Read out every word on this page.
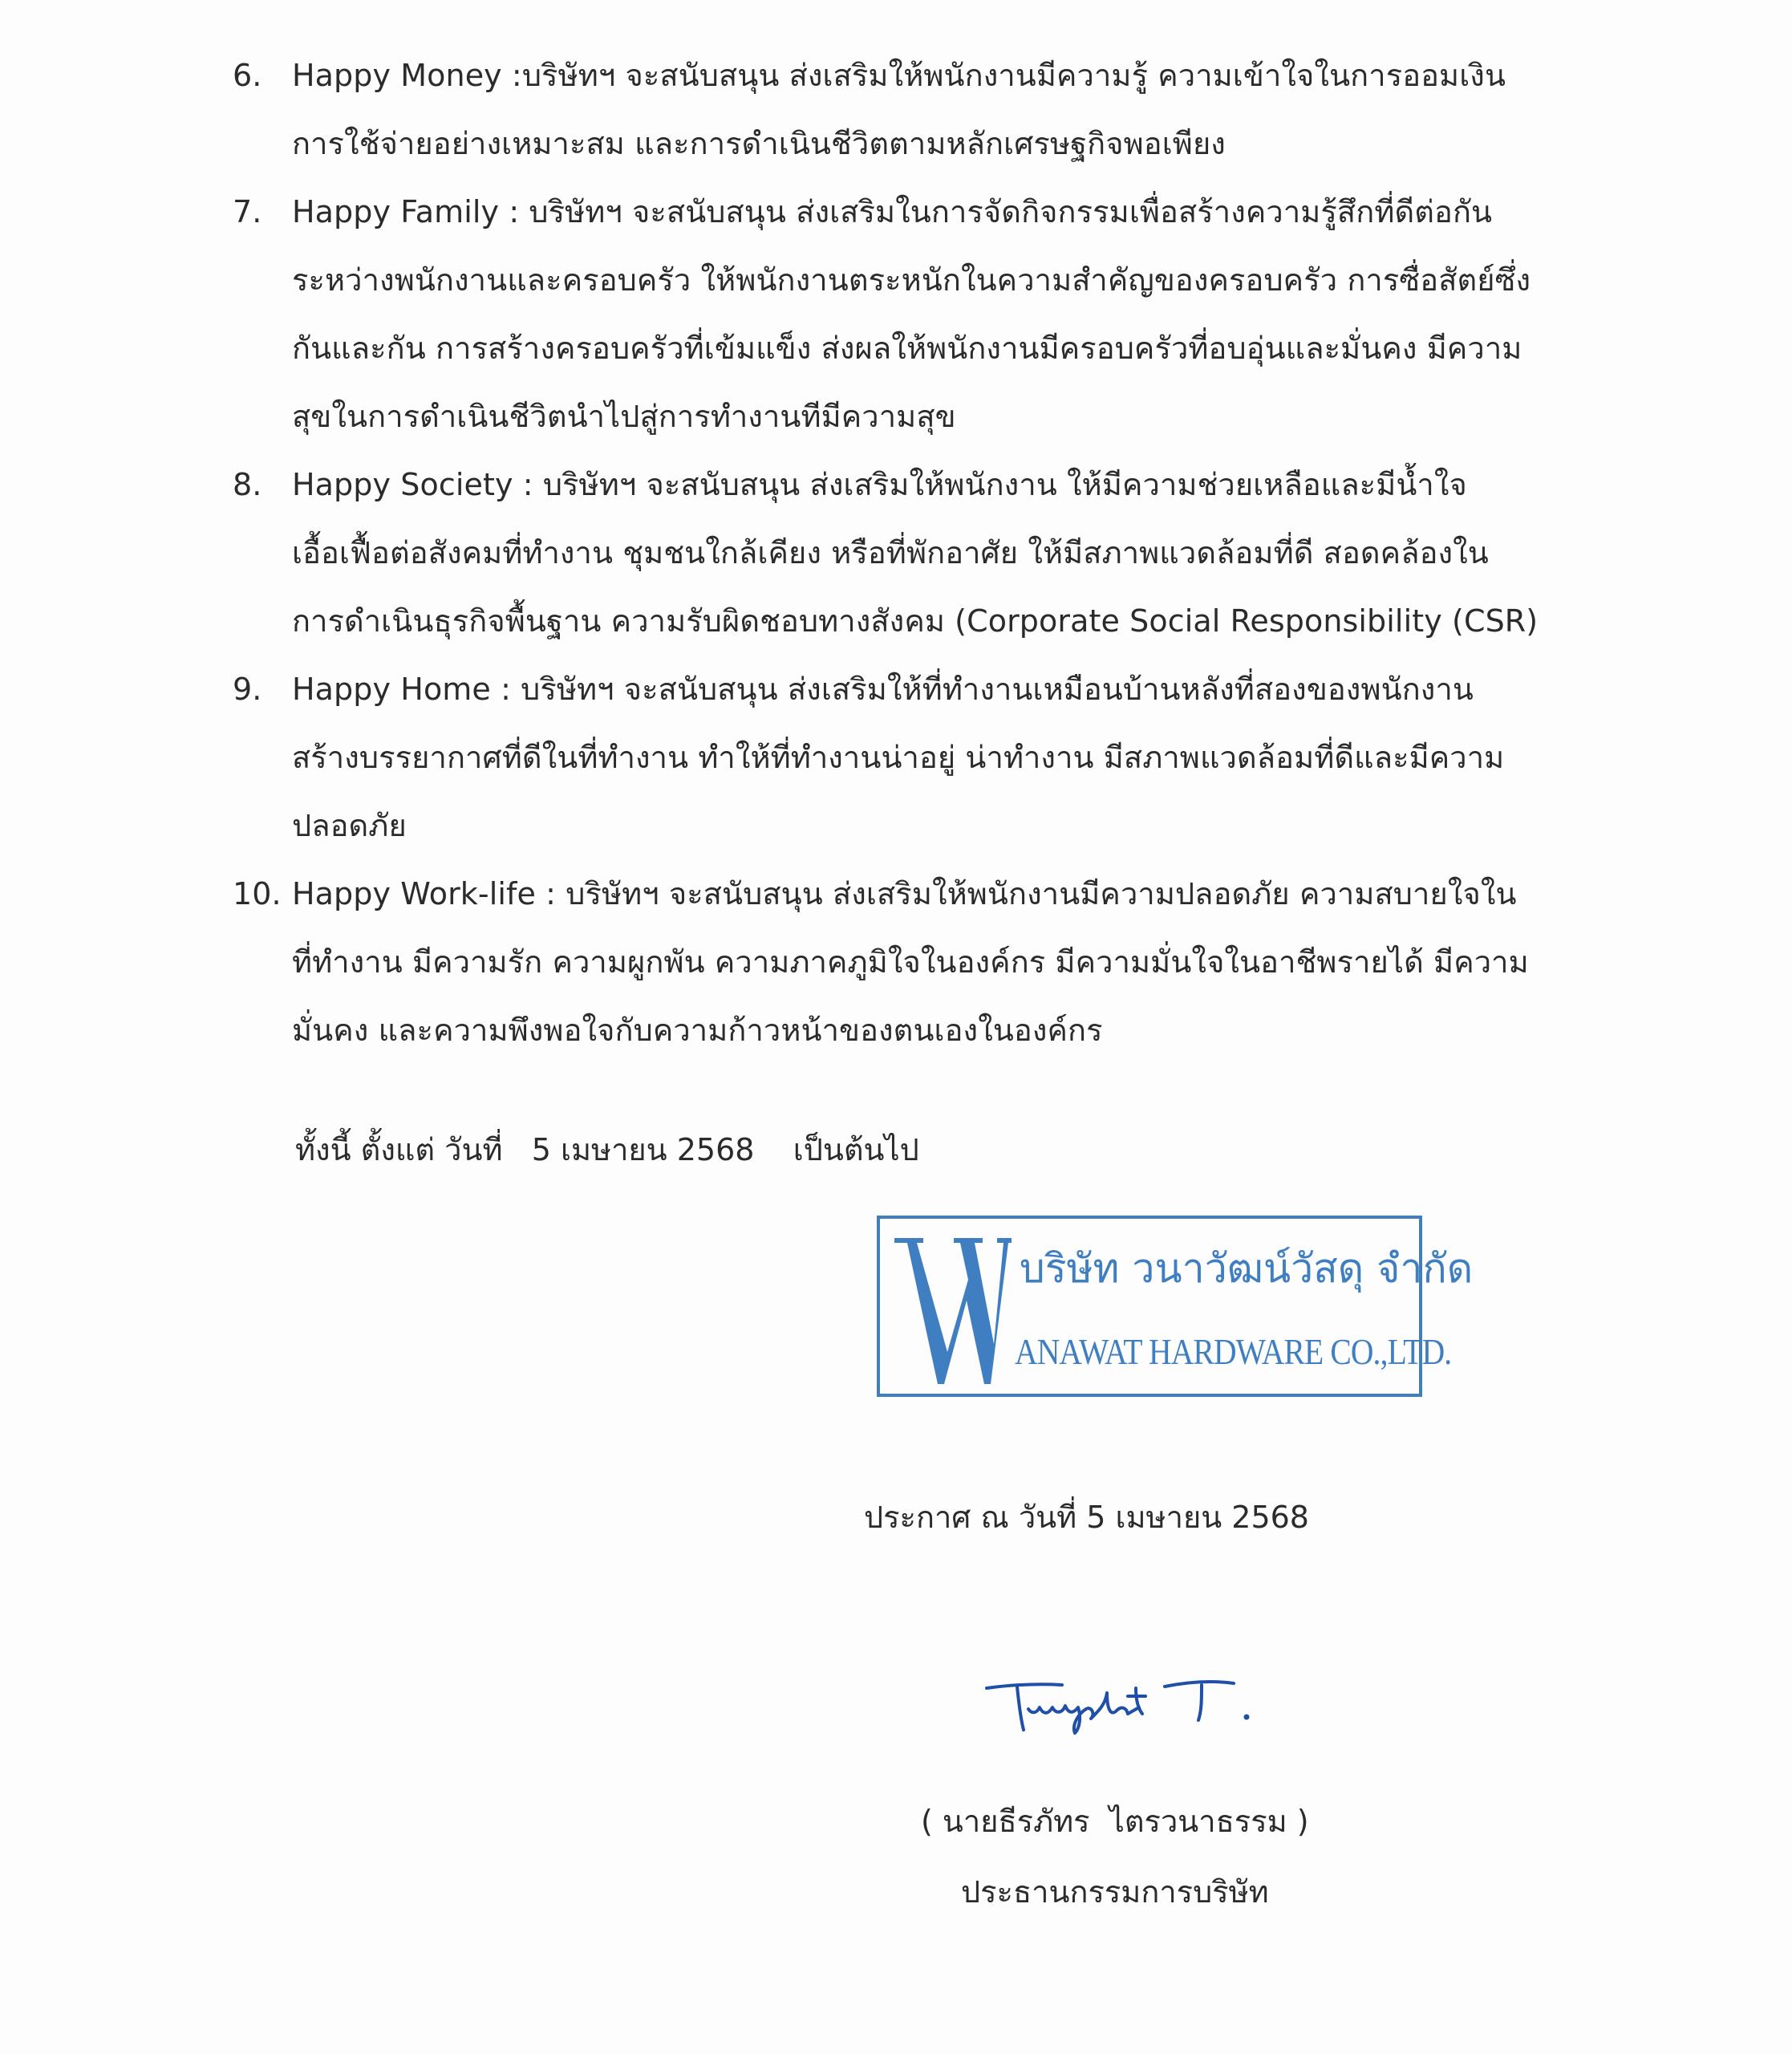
6. Happy Money :บริษัทฯ จะสนับสนุน ส่งเสริมให้พนักงานมีความรู้ ความเข้าใจในการออมเงิน
การใช้จ่ายอย่างเหมาะสม และการดำเนินชีวิตตามหลักเศรษฐกิจพอเพียง
7. Happy Family : บริษัทฯ จะสนับสนุน ส่งเสริมในการจัดกิจกรรมเพื่อสร้างความรู้สึกที่ดีต่อกัน
ระหว่างพนักงานและครอบครัว ให้พนักงานตระหนักในความสำคัญของครอบครัว การซื่อสัตย์ซึ่ง
กันและกัน การสร้างครอบครัวที่เข้มแข็ง ส่งผลให้พนักงานมีครอบครัวที่อบอุ่นและมั่นคง มีความ
สุขในการดำเนินชีวิตนำไปสู่การทำงานทีมีความสุข
8. Happy Society : บริษัทฯ จะสนับสนุน ส่งเสริมให้พนักงาน ให้มีความช่วยเหลือและมีน้ำใจ
เอื้อเฟื้อต่อสังคมที่ทำงาน ชุมชนใกล้เคียง หรือที่พักอาศัย ให้มีสภาพแวดล้อมที่ดี สอดคล้องใน
การดำเนินธุรกิจพื้นฐาน ความรับผิดชอบทางสังคม (Corporate Social Responsibility (CSR)
9. Happy Home : บริษัทฯ จะสนับสนุน ส่งเสริมให้ที่ทำงานเหมือนบ้านหลังที่สองของพนักงาน
สร้างบรรยากาศที่ดีในที่ทำงาน ทำให้ที่ทำงานน่าอยู่ น่าทำงาน มีสภาพแวดล้อมที่ดีและมีความ
ปลอดภัย
10. Happy Work-life : บริษัทฯ จะสนับสนุน ส่งเสริมให้พนักงานมีความปลอดภัย ความสบายใจใน
ที่ทำงาน มีความรัก ความผูกพัน ความภาคภูมิใจในองค์กร มีความมั่นใจในอาชีพรายได้ มีความ
มั่นคง และความพึงพอใจกับความก้าวหน้าของตนเองในองค์กร
ทั้งนี้ ตั้งแต่ วันที่   5 เมษายน 2568    เป็นต้นไป
บริษัท วนาวัฒน์วัสดุ จำกัด
ANAWAT HARDWARE CO.,LTD.
ประกาศ ณ วันที่ 5 เมษายน 2568
( นายธีรภัทร  ไตรวนาธรรม )
ประธานกรรมการบริษัท
